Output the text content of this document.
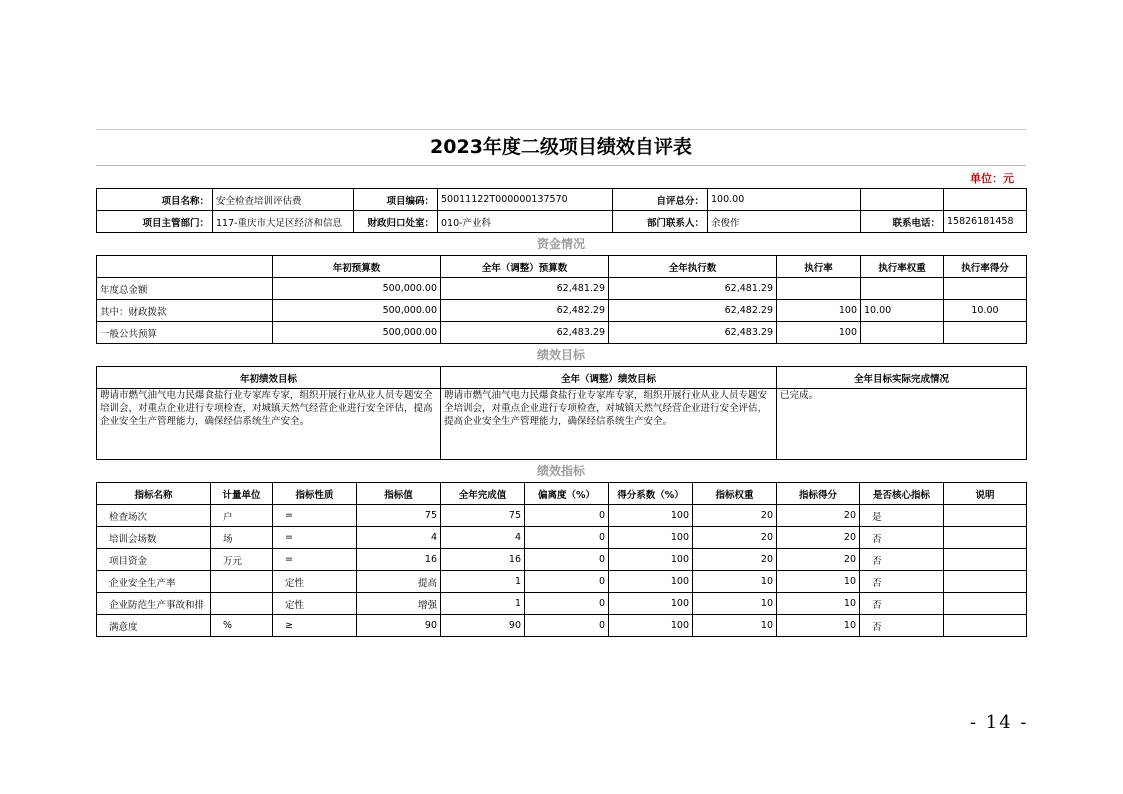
2023年度二级项目绩效自评表
单位：元
项目名称：	安全检查培训评估费	项目编码：	50011122T000000137570	自评总分：	100.00		
项目主管部门：	117-重庆市大足区经济和信息	财政归口处室：	010-产业科	部门联系人：	余俊作	联系电话：	15826181458
资金情况
	年初预算数	全年（调整）预算数	全年执行数	执行率	执行率权重	执行率得分
年度总金额	500,000.00	62,481.29	62,481.29			
其中：财政拨款	500,000.00	62,482.29	62,482.29	100	10.00	10.00
一般公共预算	500,000.00	62,483.29	62,483.29	100		
绩效目标
年初绩效目标	全年（调整）绩效目标	全年目标实际完成情况
聘请市燃气油气电力民爆食盐行业专家库专家，组织开展行业从业人员专题安全培训会，对重点企业进行专项检查，对城镇天然气经营企业进行安全评估，提高企业安全生产管理能力，确保经信系统生产安全。	聘请市燃气油气电力民爆食盐行业专家库专家，组织开展行业从业人员专题安全培训会，对重点企业进行专项检查，对城镇天然气经营企业进行安全评估，提高企业安全生产管理能力，确保经信系统生产安全。	已完成。
绩效指标
指标名称	计量单位	指标性质	指标值	全年完成值	偏离度（%）	得分系数（%）	指标权重	指标得分	是否核心指标	说明
检查场次	户	=	75	75	0	100	20	20	是	
培训会场数	场	=	4	4	0	100	20	20	否	
项目资金	万元	=	16	16	0	100	20	20	否	
企业安全生产率		定性	提高	1	0	100	10	10	否	
企业防范生产事故和排		定性	增强	1	0	100	10	10	否	
满意度	%	≥	90	90	0	100	10	10	否	
- 14 -
